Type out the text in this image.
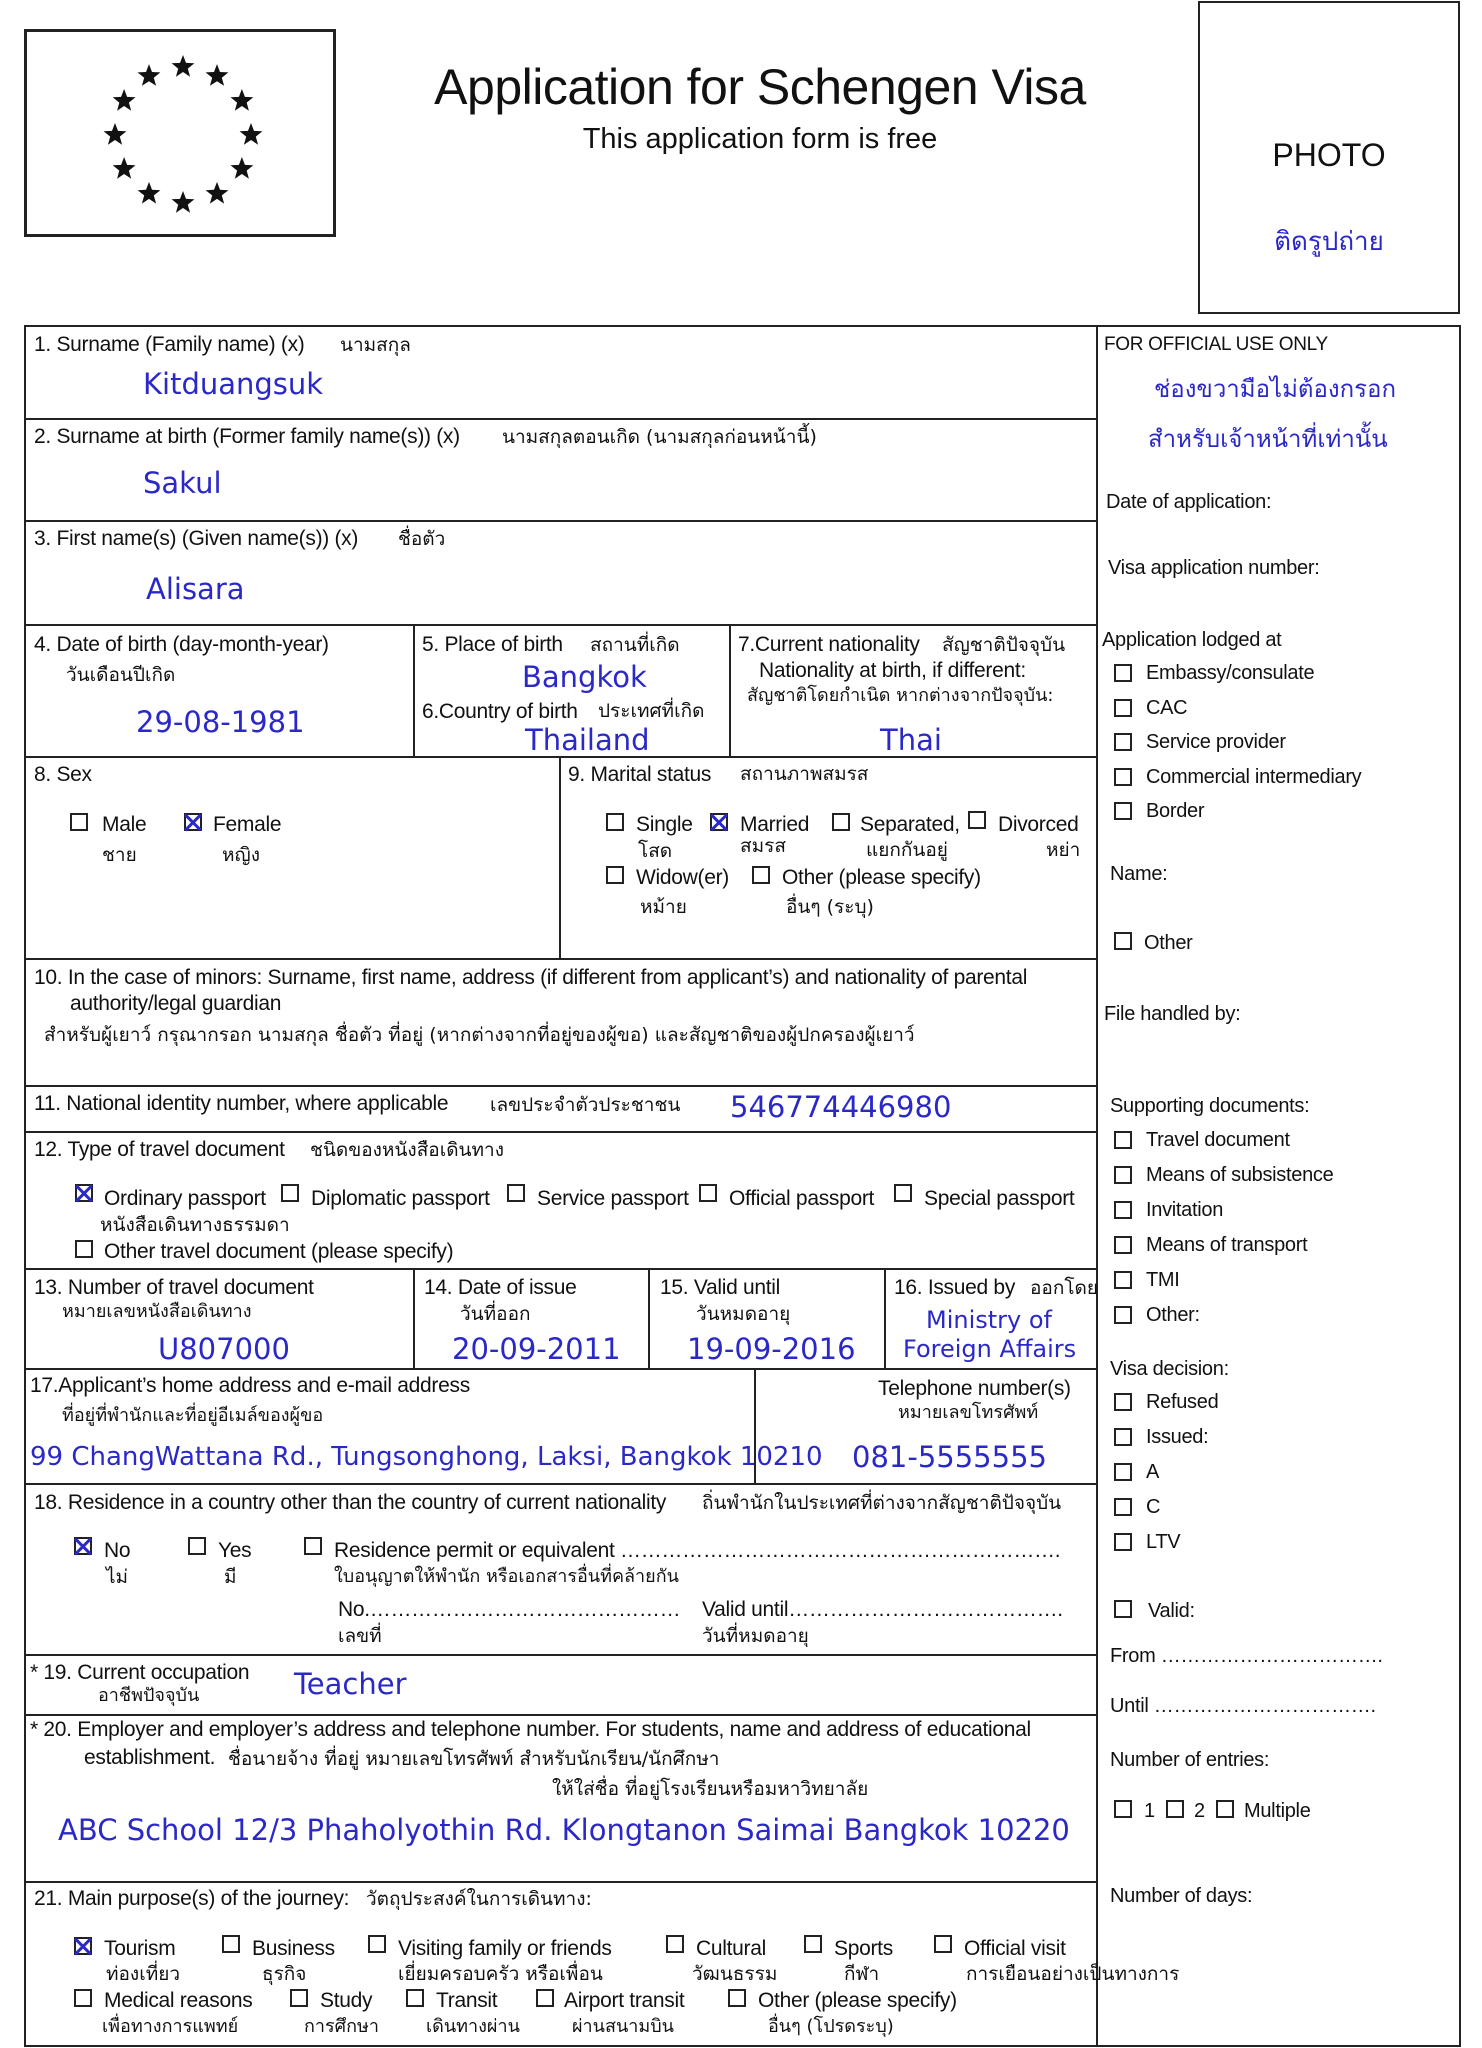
Application for Schengen Visa
This application form is free	PHOTO
ติดรูปถ่าย
1. Surname (Family name) (x) นามสกุล
Kitduangsuk
2. Surname at birth (Former family name(s)) (x) นามสกุลตอนเกิด (นามสกุลก่อนหน้านี้)
Sakul
3. First name(s) (Given name(s)) (x) ชื่อตัว
Alisara
4. Date of birth (day-month-year)
วันเดือนปีเกิด
29-08-1981
5. Place of birth สถานที่เกิด
Bangkok
6.Country of birth ประเทศที่เกิด
Thailand
7.Current nationality สัญชาติปัจจุบัน
Nationality at birth, if different:
สัญชาติโดยกำเนิด หากต่างจากปัจจุบัน:
Thai
8. Sex
Male
ชาย
Female
หญิง
9. Marital status สถานภาพสมรส
Single
โสด
Married
สมรส
Separated,
แยกกันอยู่
Divorced
หย่า
Widow(er)
หม้าย
Other (please specify)
อื่นๆ (ระบุ)
10. In the case of minors: Surname, first name, address (if different from applicant’s) and nationality of parental
authority/legal guardian
สำหรับผู้เยาว์ กรุณากรอก นามสกุล ชื่อตัว ที่อยู่ (หากต่างจากที่อยู่ของผู้ขอ) และสัญชาติของผู้ปกครองผู้เยาว์
11. National identity number, where applicable เลขประจำตัวประชาชน 546774446980
12. Type of travel document ชนิดของหนังสือเดินทาง
Ordinary passport Diplomatic passport Service passport Official passport Special passport
หนังสือเดินทางธรรมดา
Other travel document (please specify)
13. Number of travel document
หมายเลขหนังสือเดินทาง
U807000
14. Date of issue
วันที่ออก
20-09-2011
15. Valid until
วันหมดอายุ
19-09-2016
16. Issued by ออกโดย
Ministry of
Foreign Affairs
17.Applicant’s home address and e-mail address
ที่อยู่ที่พำนักและที่อยู่อีเมล์ของผู้ขอ
99 ChangWattana Rd., Tungsonghong, Laksi, Bangkok 10210
Telephone number(s)
หมายเลขโทรศัพท์
081-5555555
18. Residence in a country other than the country of current nationality ถิ่นพำนักในประเทศที่ต่างจากสัญชาติปัจจุบัน
No
ไม่
Yes
มี
Residence permit or equivalent ……………………………………………………….
ใบอนุญาตให้พำนัก หรือเอกสารอื่นที่คล้ายกัน
No.………………………………………
เลขที่
Valid until………………………………….
วันที่หมดอายุ
* 19. Current occupation
อาชีพปัจจุบัน	Teacher
* 20. Employer and employer’s address and telephone number. For students, name and address of educational
establishment. ชื่อนายจ้าง ที่อยู่ หมายเลขโทรศัพท์ สำหรับนักเรียน/นักศึกษา
ให้ใส่ชื่อ ที่อยู่โรงเรียนหรือมหาวิทยาลัย
ABC School 12/3 Phaholyothin Rd. Klongtanon Saimai Bangkok 10220
21. Main purpose(s) of the journey: วัตถุประสงค์ในการเดินทาง:
Tourism
ท่องเที่ยว
Business
ธุรกิจ
Visiting family or friends
เยี่ยมครอบครัว หรือเพื่อน
Cultural
วัฒนธรรม
Sports
กีฬา
Official visit
การเยือนอย่างเป็นทางการ
Medical reasons
เพื่อทางการแพทย์
Study
การศึกษา
Transit
เดินทางผ่าน
Airport transit
ผ่านสนามบิน
Other (please specify)
อื่นๆ (โปรดระบุ)
FOR OFFICIAL USE ONLY
ช่องขวามือไม่ต้องกรอก
สำหรับเจ้าหน้าที่เท่านั้น
Date of application:
Visa application number:
Application lodged at
Embassy/consulate
CAC
Service provider
Commercial intermediary
Border
Name:
Other
File handled by:
Supporting documents:
Travel document
Means of subsistence
Invitation
Means of transport
TMI
Other:
Visa decision:
Refused
Issued:
A
C
LTV
Valid:
From …………………………….
Until …………………………….
Number of entries:
1 2 Multiple
Number of days:
